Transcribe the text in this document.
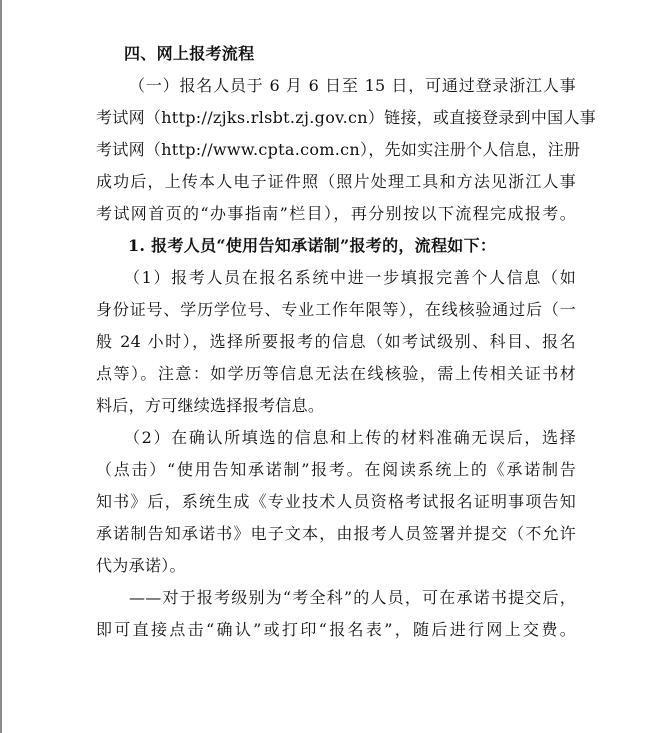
四、网上报考流程
（一）报名人员于 6 月 6 日至 15 日，可通过登录浙江人事
考试网（http://zjks.rlsbt.zj.gov.cn）链接，或直接登录到中国人事
考试网（http://www.cpta.com.cn），先如实注册个人信息，注册
成功后，上传本人电子证件照（照片处理工具和方法见浙江人事
考试网首页的“办事指南”栏目），再分别按以下流程完成报考。
1. 报考人员“使用告知承诺制”报考的，流程如下：
（1）报考人员在报名系统中进一步填报完善个人信息（如
身份证号、学历学位号、专业工作年限等），在线核验通过后（一
般 24 小时），选择所要报考的信息（如考试级别、科目、报名
点等）。注意：如学历等信息无法在线核验，需上传相关证书材
料后，方可继续选择报考信息。
（2）在确认所填选的信息和上传的材料准确无误后，选择
（点击）“使用告知承诺制”报考。在阅读系统上的《承诺制告
知书》后，系统生成《专业技术人员资格考试报名证明事项告知
承诺制告知承诺书》电子文本，由报考人员签署并提交（不允许
代为承诺）。
——对于报考级别为“考全科”的人员，可在承诺书提交后，
即可直接点击“确认”或打印“报名表”，随后进行网上交费。
